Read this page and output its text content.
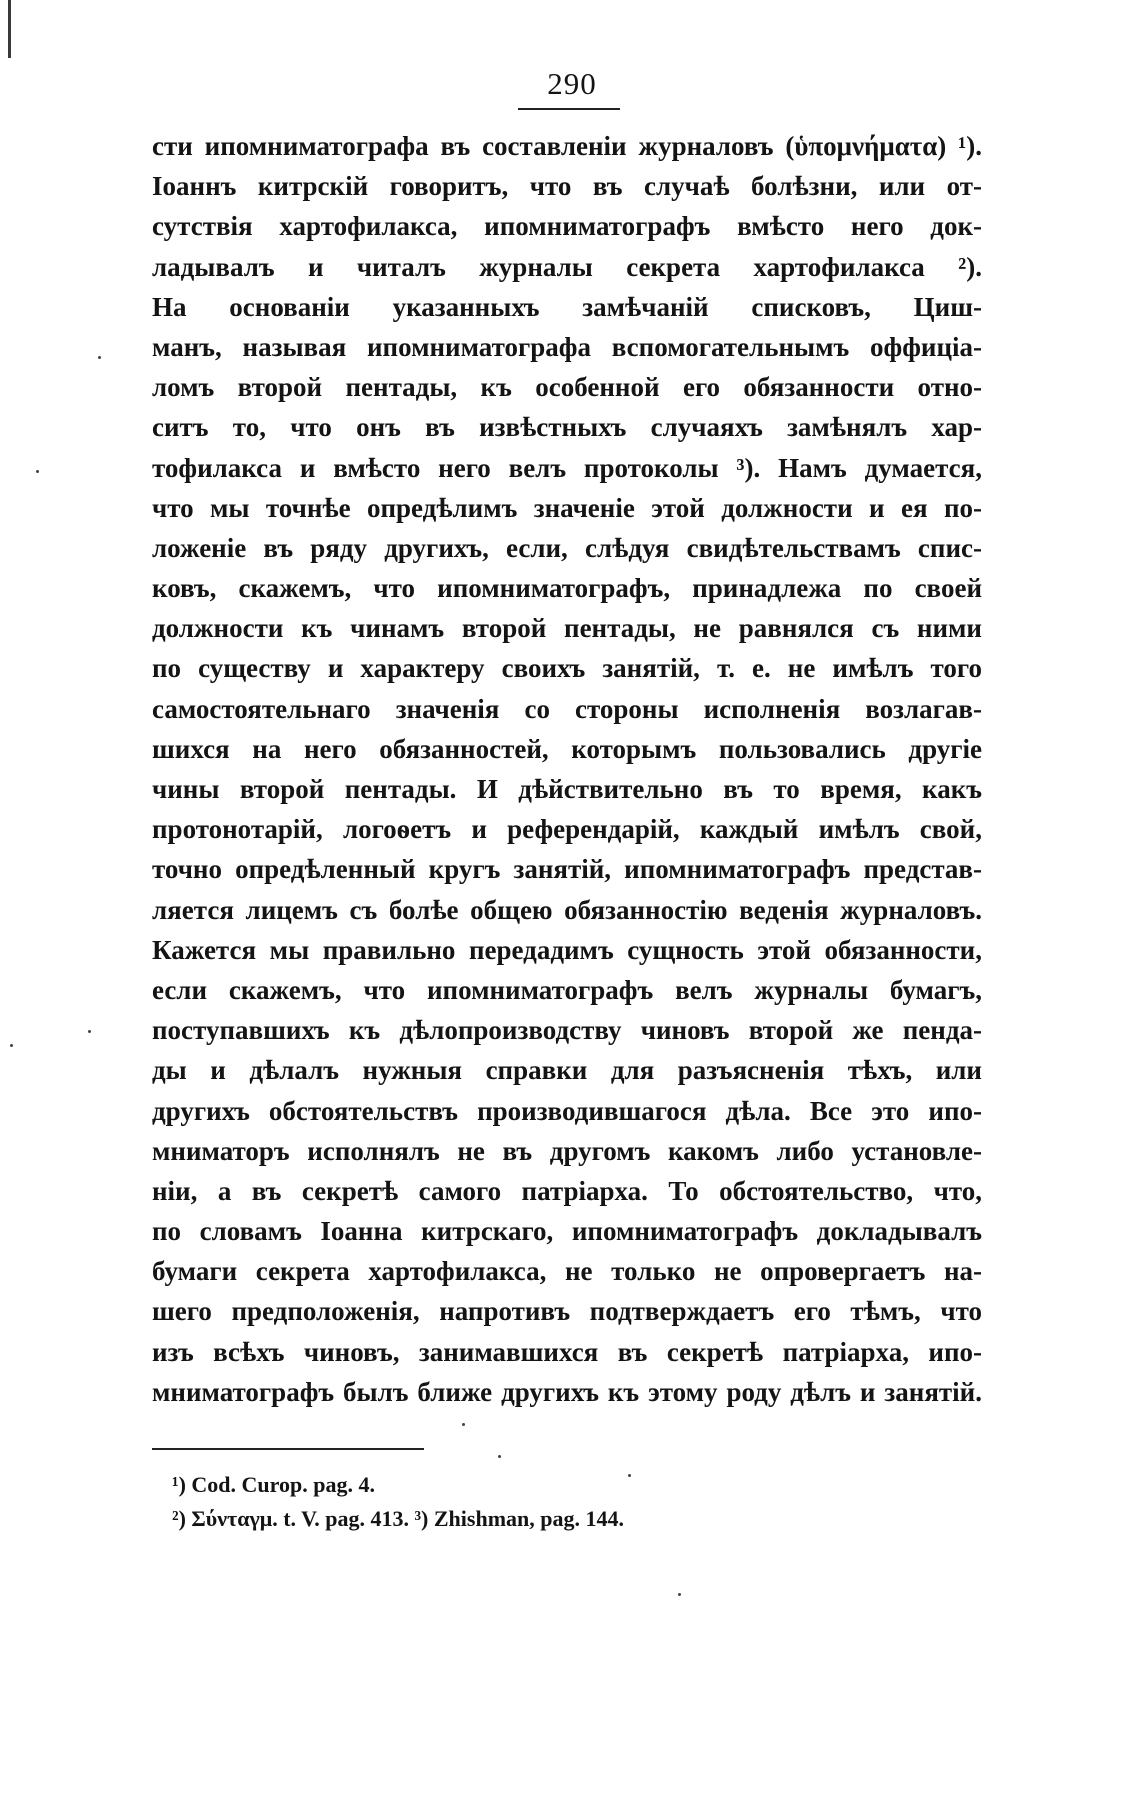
290
сти ипомниматографа въ составленіи журналовъ (ὑπομνήματα) ¹).
Іоаннъ китрскій говоритъ, что въ случаѣ болѣзни, или от-
сутствія хартофилакса, ипомниматографъ вмѣсто него док-
ладывалъ и читалъ журналы секрета хартофилакса ²).
На основаніи указанныхъ замѣчаній списковъ, Циш-
манъ, называя ипомниматографа вспомогательнымъ оффиціа-
ломъ второй пентады, къ особенной его обязанности отно-
ситъ то, что онъ въ извѣстныхъ случаяхъ замѣнялъ хар-
тофилакса и вмѣсто него велъ протоколы ³). Намъ думается,
что мы точнѣе опредѣлимъ значеніе этой должности и ея по-
ложеніе въ ряду другихъ, если, слѣдуя свидѣтельствамъ спис-
ковъ, скажемъ, что ипомниматографъ, принадлежа по своей
должности къ чинамъ второй пентады, не равнялся съ ними
по существу и характеру своихъ занятій, т. е. не имѣлъ того
самостоятельнаго значенія со стороны исполненія возлагав-
шихся на него обязанностей, которымъ пользовались другіе
чины второй пентады. И дѣйствительно въ то время, какъ
протонотарій, логоѳетъ и референдарій, каждый имѣлъ свой,
точно опредѣленный кругъ занятій, ипомниматографъ представ-
ляется лицемъ съ болѣе общею обязанностію веденія журналовъ.
Кажется мы правильно передадимъ сущность этой обязанности,
если скажемъ, что ипомниматографъ велъ журналы бумагъ,
поступавшихъ къ дѣлопроизводству чиновъ второй же пенда-
ды и дѣлалъ нужныя справки для разъясненія тѣхъ, или
другихъ обстоятельствъ производившагося дѣла. Все это ипо-
мниматоръ исполнялъ не въ другомъ какомъ либо установле-
ніи, а въ секретѣ самого патріарха. То обстоятельство, что,
по словамъ Іоанна китрскаго, ипомниматографъ докладывалъ
бумаги секрета хартофилакса, не только не опровергаетъ на-
шего предположенія, напротивъ подтверждаетъ его тѣмъ, что
изъ всѣхъ чиновъ, занимавшихся въ секретѣ патріарха, ипо-
мниматографъ былъ ближе другихъ къ этому роду дѣлъ и занятій.
¹) Cod. Curop. pag. 4.
²) Σύνταγμ. t. V. pag. 413. ³) Zhishman, pag. 144.
